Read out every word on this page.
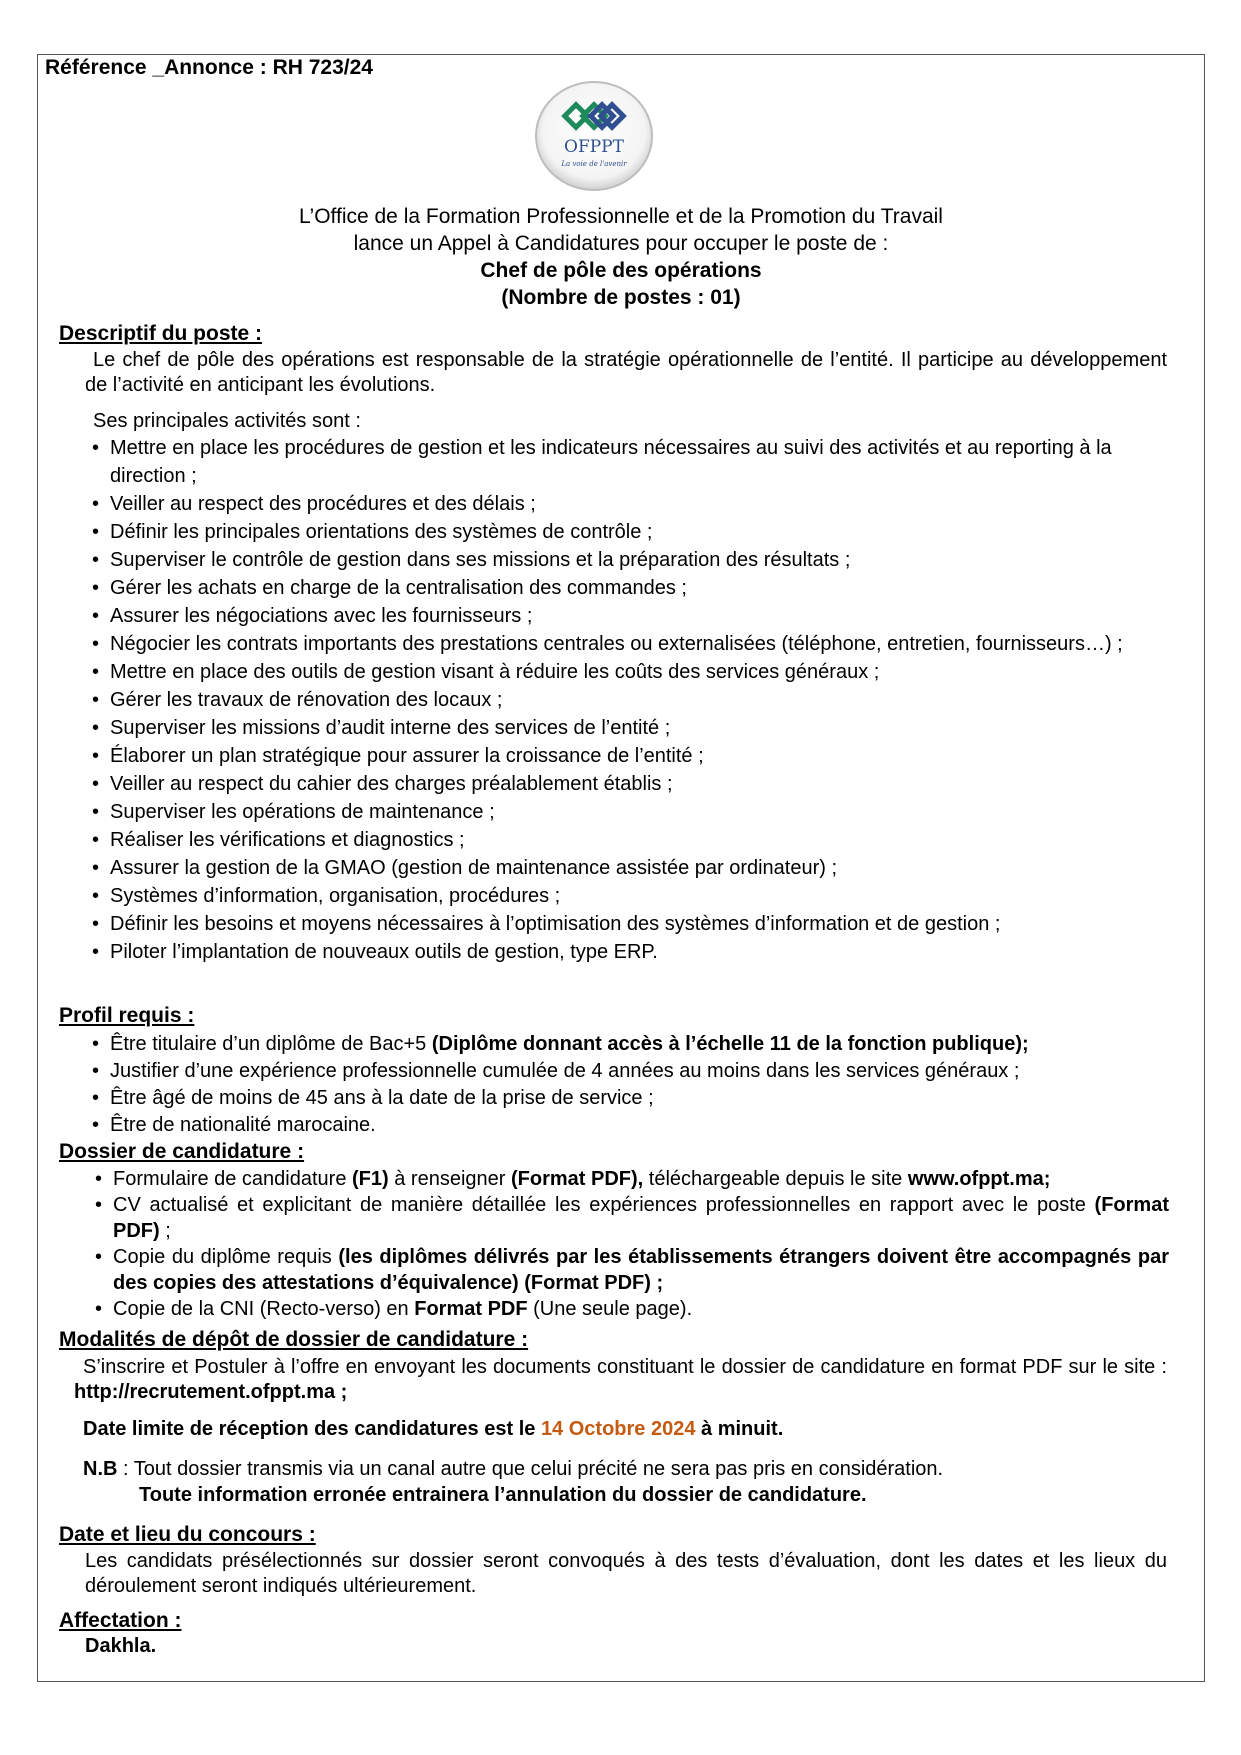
Référence _Annonce : RH 723/24
OFPPT
La voie de l'avenir
L’Office de la Formation Professionnelle et de la Promotion du Travail
lance un Appel à Candidatures pour occuper le poste de :
Chef de pôle des opérations
(Nombre de postes : 01)
Descriptif du poste :
Le chef de pôle des opérations est responsable de la stratégie opérationnelle de l’entité. Il participe au développement de l’activité en anticipant les évolutions.
Ses principales activités sont :
• Mettre en place les procédures de gestion et les indicateurs nécessaires au suivi des activités et au reporting à la direction ;
• Veiller au respect des procédures et des délais ;
• Définir les principales orientations des systèmes de contrôle ;
• Superviser le contrôle de gestion dans ses missions et la préparation des résultats ;
• Gérer les achats en charge de la centralisation des commandes ;
• Assurer les négociations avec les fournisseurs ;
• Négocier les contrats importants des prestations centrales ou externalisées (téléphone, entretien, fournisseurs…) ;
• Mettre en place des outils de gestion visant à réduire les coûts des services généraux ;
• Gérer les travaux de rénovation des locaux ;
• Superviser les missions d’audit interne des services de l’entité ;
• Élaborer un plan stratégique pour assurer la croissance de l’entité ;
• Veiller au respect du cahier des charges préalablement établis ;
• Superviser les opérations de maintenance ;
• Réaliser les vérifications et diagnostics ;
• Assurer la gestion de la GMAO (gestion de maintenance assistée par ordinateur) ;
• Systèmes d’information, organisation, procédures ;
• Définir les besoins et moyens nécessaires à l’optimisation des systèmes d’information et de gestion ;
• Piloter l’implantation de nouveaux outils de gestion, type ERP.
Profil requis :
• Être titulaire d’un diplôme de Bac+5 (Diplôme donnant accès à l’échelle 11 de la fonction publique);
• Justifier d’une expérience professionnelle cumulée de 4 années au moins dans les services généraux ;
• Être âgé de moins de 45 ans à la date de la prise de service ;
• Être de nationalité marocaine.
Dossier de candidature :
• Formulaire de candidature (F1) à renseigner (Format PDF), téléchargeable depuis le site www.ofppt.ma;
• CV actualisé et explicitant de manière détaillée les expériences professionnelles en rapport avec le poste (Format PDF) ;
• Copie du diplôme requis (les diplômes délivrés par les établissements étrangers doivent être accompagnés par des copies des attestations d’équivalence) (Format PDF) ;
• Copie de la CNI (Recto-verso) en Format PDF (Une seule page).
Modalités de dépôt de dossier de candidature :
S’inscrire et Postuler à l’offre en envoyant les documents constituant le dossier de candidature en format PDF sur le site : http://recrutement.ofppt.ma ;
Date limite de réception des candidatures est le 14 Octobre 2024 à minuit.
N.B : Tout dossier transmis via un canal autre que celui précité ne sera pas pris en considération.
Toute information erronée entrainera l’annulation du dossier de candidature.
Date et lieu du concours :
Les candidats présélectionnés sur dossier seront convoqués à des tests d’évaluation, dont les dates et les lieux du déroulement seront indiqués ultérieurement.
Affectation :
Dakhla.
